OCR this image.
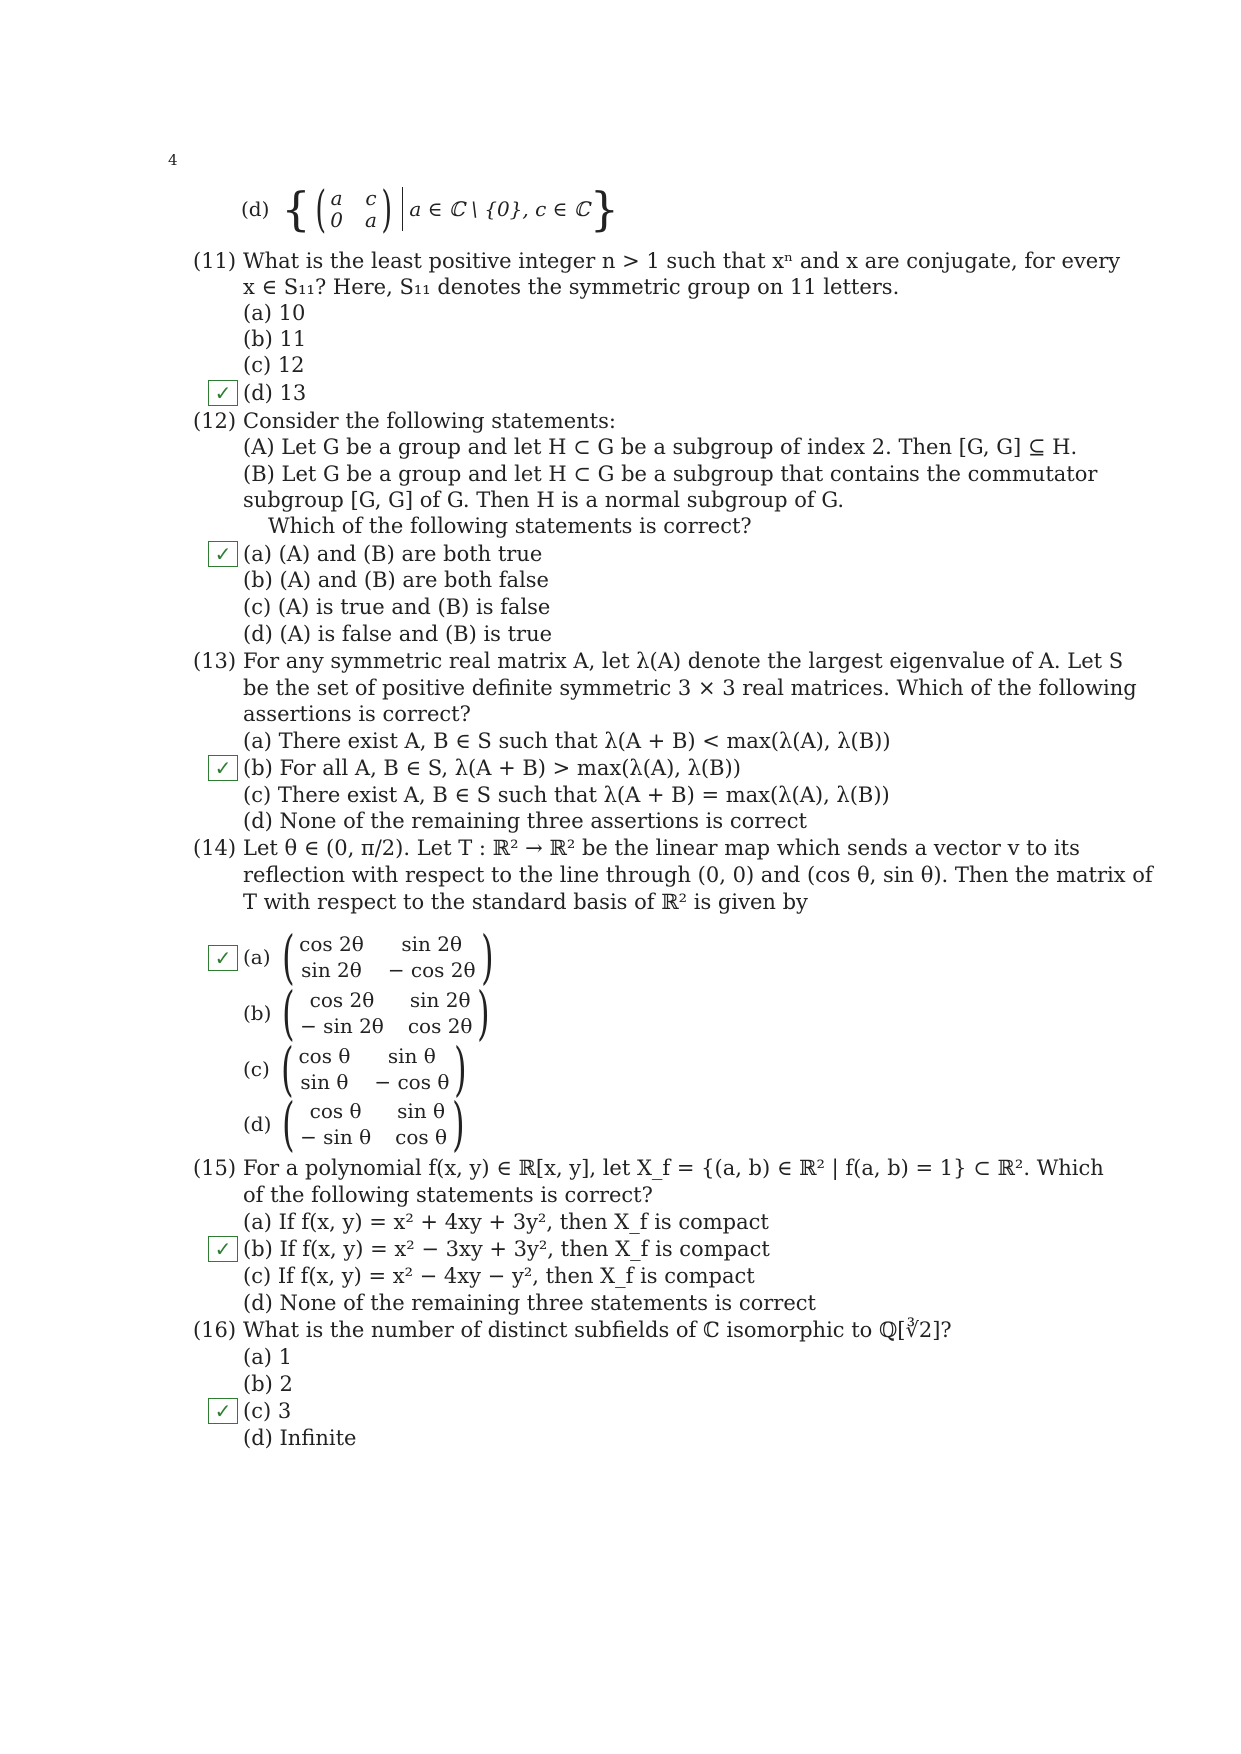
4
(d) { ( a c
0 a ) a ∈ ℂ \ {0}, c ∈ ℂ }
(11) What is the least positive integer n > 1 such that xⁿ and x are conjugate, for every
x ∈ S₁₁? Here, S₁₁ denotes the symmetric group on 11 letters.
(a) 10
(b) 11
(c) 12
✓ (d) 13
(12) Consider the following statements:
(A) Let G be a group and let H ⊂ G be a subgroup of index 2. Then [G, G] ⊆ H.
(B) Let G be a group and let H ⊂ G be a subgroup that contains the commutator
subgroup [G, G] of G. Then H is a normal subgroup of G.
Which of the following statements is correct?
✓ (a) (A) and (B) are both true
(b) (A) and (B) are both false
(c) (A) is true and (B) is false
(d) (A) is false and (B) is true
(13) For any symmetric real matrix A, let λ(A) denote the largest eigenvalue of A. Let S
be the set of positive definite symmetric 3 × 3 real matrices. Which of the following
assertions is correct?
(a) There exist A, B ∈ S such that λ(A + B) < max(λ(A), λ(B))
✓ (b) For all A, B ∈ S, λ(A + B) > max(λ(A), λ(B))
(c) There exist A, B ∈ S such that λ(A + B) = max(λ(A), λ(B))
(d) None of the remaining three assertions is correct
(14) Let θ ∈ (0, π/2). Let T : ℝ² → ℝ² be the linear map which sends a vector v to its
reflection with respect to the line through (0, 0) and (cos θ, sin θ). Then the matrix of
T with respect to the standard basis of ℝ² is given by
✓ (a) ( cos 2θ	sin 2θ
sin 2θ − cos 2θ )
(b) ( cos 2θ	sin 2θ
− sin 2θ cos 2θ )
(c) ( cos θ	sin θ
sin θ − cos θ )
(d) ( cos θ	sin θ
− sin θ cos θ )
(15) For a polynomial f(x, y) ∈ ℝ[x, y], let X_f = {(a, b) ∈ ℝ² | f(a, b) = 1} ⊂ ℝ². Which
of the following statements is correct?
(a) If f(x, y) = x² + 4xy + 3y², then X_f is compact
✓ (b) If f(x, y) = x² − 3xy + 3y², then X_f is compact
(c) If f(x, y) = x² − 4xy − y², then X_f is compact
(d) None of the remaining three statements is correct
(16) What is the number of distinct subfields of ℂ isomorphic to ℚ[∛2]?
(a) 1
(b) 2
✓ (c) 3
(d) Infinite
